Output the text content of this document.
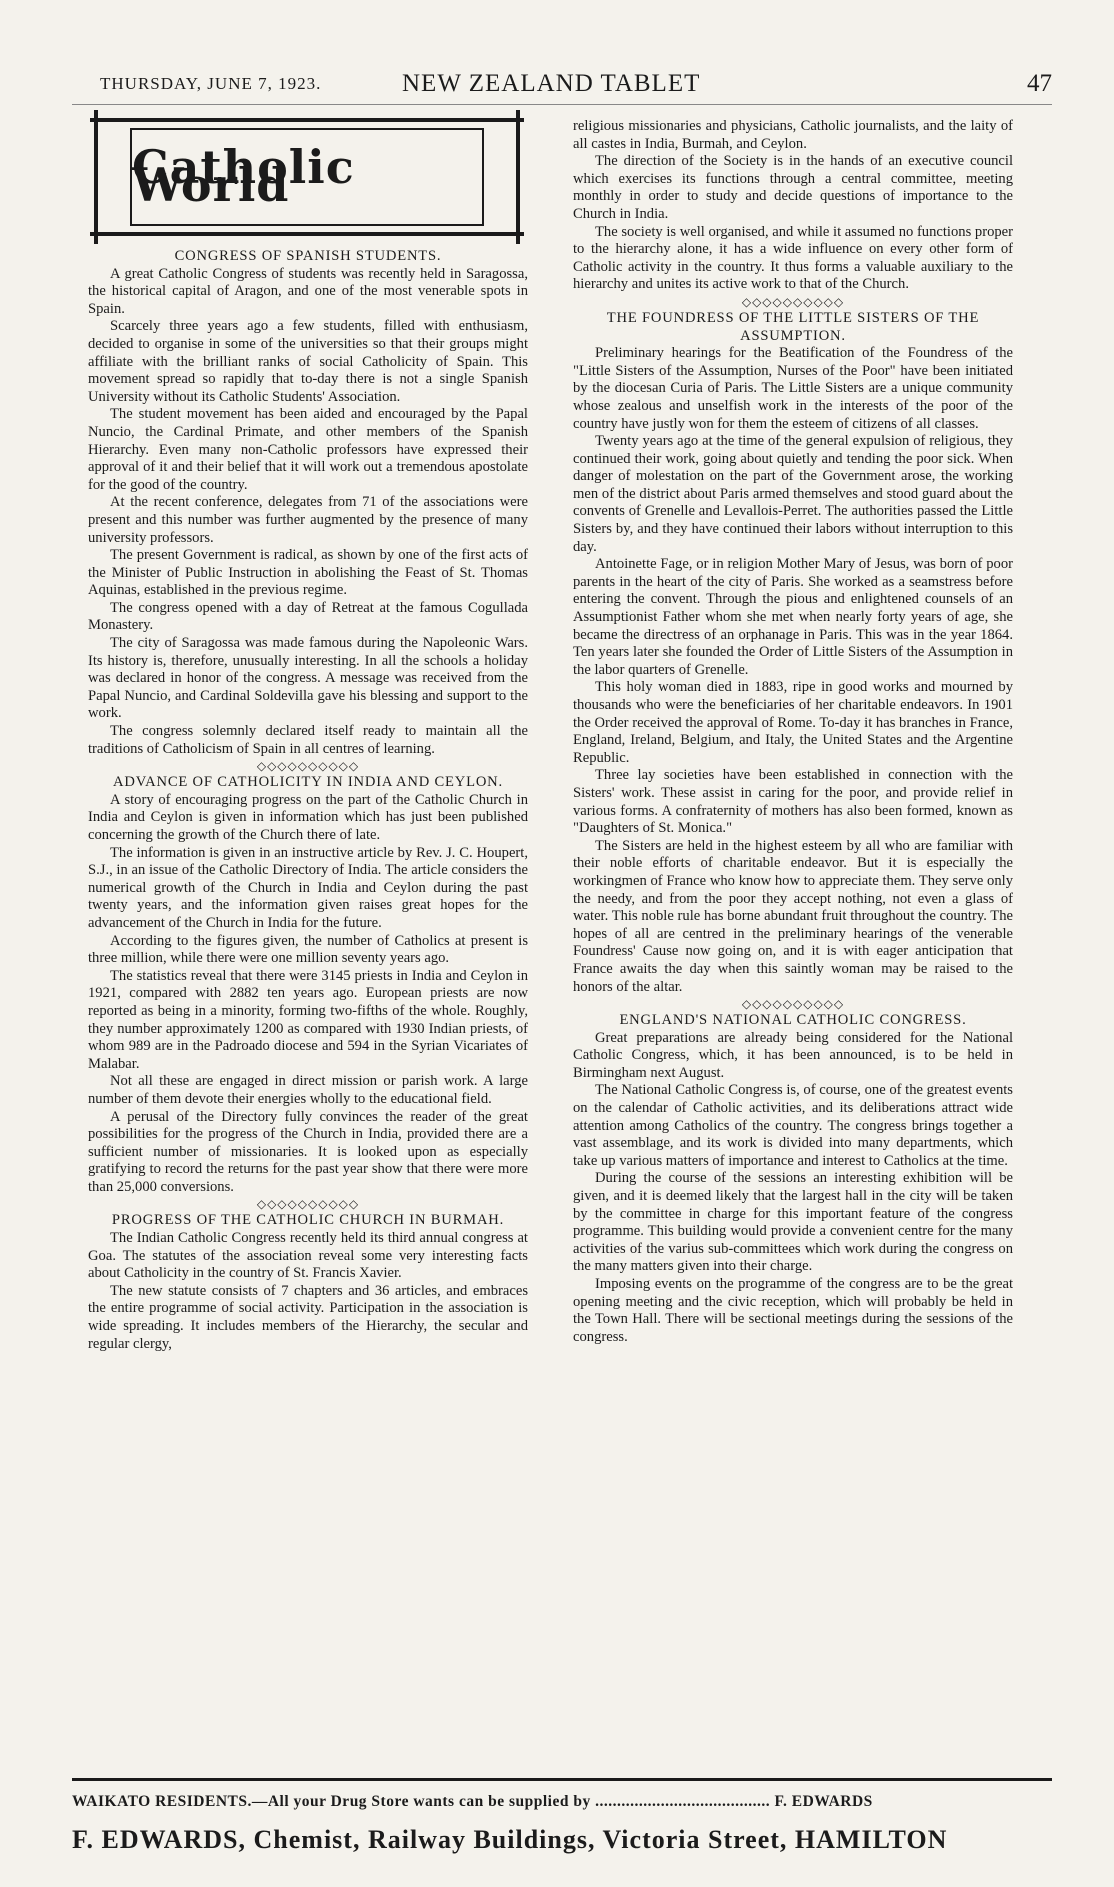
THURSDAY, JUNE 7, 1923.	NEW ZEALAND TABLET	47
Catholic World
CONGRESS OF SPANISH STUDENTS.

A great Catholic Congress of students was recently held in Saragossa, the historical capital of Aragon, and one of the most venerable spots in Spain.

Scarcely three years ago a few students, filled with enthusiasm, decided to organise in some of the universities so that their groups might affiliate with the brilliant ranks of social Catholicity of Spain. This movement spread so rapidly that to-day there is not a single Spanish University without its Catholic Students' Association.

The student movement has been aided and encouraged by the Papal Nuncio, the Cardinal Primate, and other members of the Spanish Hierarchy. Even many non-Catholic professors have expressed their approval of it and their belief that it will work out a tremendous apostolate for the good of the country.

At the recent conference, delegates from 71 of the associations were present and this number was further augmented by the presence of many university professors.

The present Government is radical, as shown by one of the first acts of the Minister of Public Instruction in abolishing the Feast of St. Thomas Aquinas, established in the previous regime.

The congress opened with a day of Retreat at the famous Cogullada Monastery.

The city of Saragossa was made famous during the Napoleonic Wars. Its history is, therefore, unusually interesting. In all the schools a holiday was declared in honor of the congress. A message was received from the Papal Nuncio, and Cardinal Soldevilla gave his blessing and support to the work.

The congress solemnly declared itself ready to maintain all the traditions of Catholicism of Spain in all centres of learning.

◇◇◇◇◇◇◇◇◇◇
ADVANCE OF CATHOLICITY IN INDIA AND CEYLON.

A story of encouraging progress on the part of the Catholic Church in India and Ceylon is given in information which has just been published concerning the growth of the Church there of late.

The information is given in an instructive article by Rev. J. C. Houpert, S.J., in an issue of the Catholic Directory of India. The article considers the numerical growth of the Church in India and Ceylon during the past twenty years, and the information given raises great hopes for the advancement of the Church in India for the future.

According to the figures given, the number of Catholics at present is three million, while there were one million seventy years ago.

The statistics reveal that there were 3145 priests in India and Ceylon in 1921, compared with 2882 ten years ago. European priests are now reported as being in a minority, forming two-fifths of the whole. Roughly, they number approximately 1200 as compared with 1930 Indian priests, of whom 989 are in the Padroado diocese and 594 in the Syrian Vicariates of Malabar.

Not all these are engaged in direct mission or parish work. A large number of them devote their energies wholly to the educational field.

A perusal of the Directory fully convinces the reader of the great possibilities for the progress of the Church in India, provided there are a sufficient number of missionaries. It is looked upon as especially gratifying to record the returns for the past year show that there were more than 25,000 conversions.

◇◇◇◇◇◇◇◇◇◇
PROGRESS OF THE CATHOLIC CHURCH IN BURMAH.

The Indian Catholic Congress recently held its third annual congress at Goa. The statutes of the association reveal some very interesting facts about Catholicity in the country of St. Francis Xavier.

The new statute consists of 7 chapters and 36 articles, and embraces the entire programme of social activity. Participation in the association is wide spreading. It includes members of the Hierarchy, the secular and regular clergy,

religious missionaries and physicians, Catholic journalists, and the laity of all castes in India, Burmah, and Ceylon.

The direction of the Society is in the hands of an executive council which exercises its functions through a central committee, meeting monthly in order to study and decide questions of importance to the Church in India.

The society is well organised, and while it assumed no functions proper to the hierarchy alone, it has a wide influence on every other form of Catholic activity in the country. It thus forms a valuable auxiliary to the hierarchy and unites its active work to that of the Church.

◇◇◇◇◇◇◇◇◇◇
THE FOUNDRESS OF THE LITTLE SISTERS OF THE ASSUMPTION.

Preliminary hearings for the Beatification of the Foundress of the "Little Sisters of the Assumption, Nurses of the Poor" have been initiated by the diocesan Curia of Paris. The Little Sisters are a unique community whose zealous and unselfish work in the interests of the poor of the country have justly won for them the esteem of citizens of all classes.

Twenty years ago at the time of the general expulsion of religious, they continued their work, going about quietly and tending the poor sick. When danger of molestation on the part of the Government arose, the working men of the district about Paris armed themselves and stood guard about the convents of Grenelle and Levallois-Perret. The authorities passed the Little Sisters by, and they have continued their labors without interruption to this day.

Antoinette Fage, or in religion Mother Mary of Jesus, was born of poor parents in the heart of the city of Paris. She worked as a seamstress before entering the convent. Through the pious and enlightened counsels of an Assumptionist Father whom she met when nearly forty years of age, she became the directress of an orphanage in Paris. This was in the year 1864. Ten years later she founded the Order of Little Sisters of the Assumption in the labor quarters of Grenelle.

This holy woman died in 1883, ripe in good works and mourned by thousands who were the beneficiaries of her charitable endeavors. In 1901 the Order received the approval of Rome. To-day it has branches in France, England, Ireland, Belgium, and Italy, the United States and the Argentine Republic.

Three lay societies have been established in connection with the Sisters' work. These assist in caring for the poor, and provide relief in various forms. A confraternity of mothers has also been formed, known as "Daughters of St. Monica."

The Sisters are held in the highest esteem by all who are familiar with their noble efforts of charitable endeavor. But it is especially the workingmen of France who know how to appreciate them. They serve only the needy, and from the poor they accept nothing, not even a glass of water. This noble rule has borne abundant fruit throughout the country. The hopes of all are centred in the preliminary hearings of the venerable Foundress' Cause now going on, and it is with eager anticipation that France awaits the day when this saintly woman may be raised to the honors of the altar.

◇◇◇◇◇◇◇◇◇◇
ENGLAND'S NATIONAL CATHOLIC CONGRESS.

Great preparations are already being considered for the National Catholic Congress, which, it has been announced, is to be held in Birmingham next August.

The National Catholic Congress is, of course, one of the greatest events on the calendar of Catholic activities, and its deliberations attract wide attention among Catholics of the country. The congress brings together a vast assemblage, and its work is divided into many departments, which take up various matters of importance and interest to Catholics at the time.

During the course of the sessions an interesting exhibition will be given, and it is deemed likely that the largest hall in the city will be taken by the committee in charge for this important feature of the congress programme. This building would provide a convenient centre for the many activities of the varius sub-committees which work during the congress on the many matters given into their charge.

Imposing events on the programme of the congress are to be the great opening meeting and the civic reception, which will probably be held in the Town Hall. There will be sectional meetings during the sessions of the congress.

WAIKATO RESIDENTS.—All your Drug Store wants can be supplied by ........................................ F. EDWARDS
F. EDWARDS, Chemist, Railway Buildings, Victoria Street, HAMILTON
